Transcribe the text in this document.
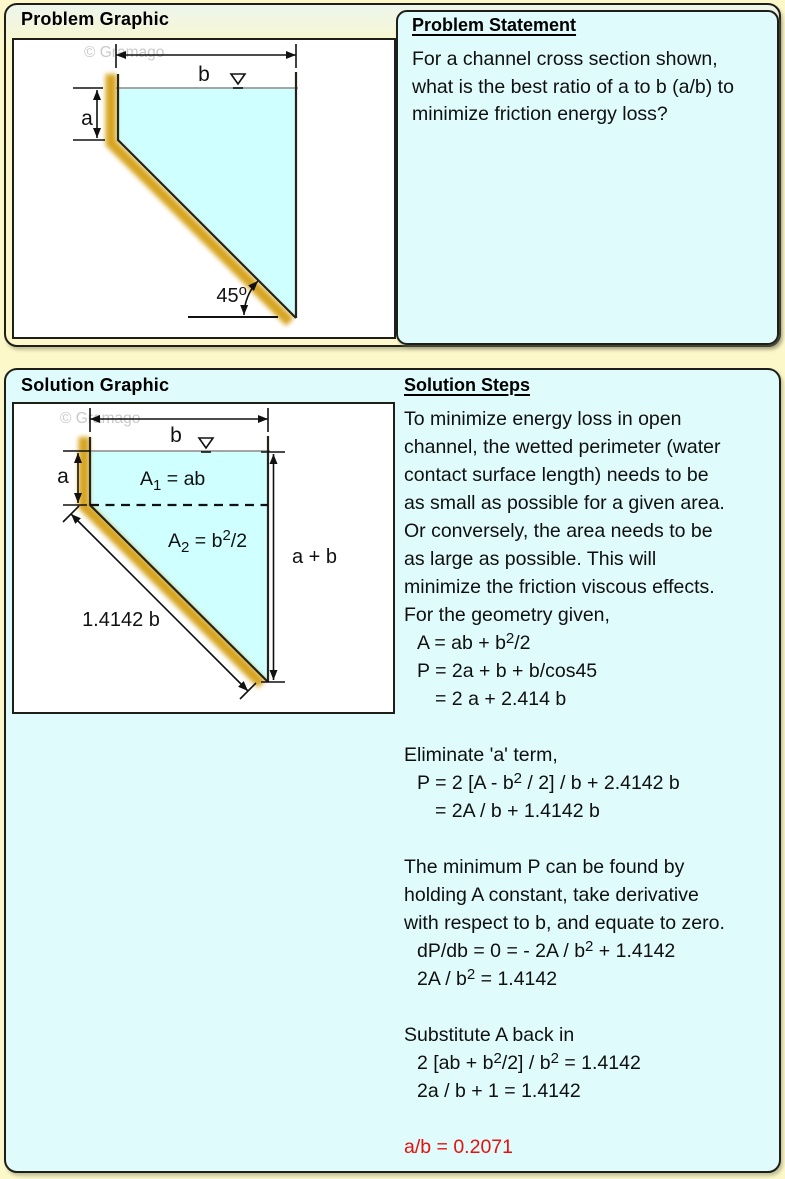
Problem Graphic
© Gramago
b
a
45$^o$
Problem Statement
For a channel cross section shown,
what is the best ratio of a to b (a/b) to
minimize friction energy loss?
Solution Graphic
© Gramago
b
a	$A_1$ = ab
$A_2 = b^2/2$
a + b
1.4142 b
Solution Steps
To minimize energy loss in open
channel, the wetted perimeter (water
contact surface length) needs to be
as small as possible for a given area.
Or conversely, the area needs to be
as large as possible. This will
minimize the friction viscous effects.
For the geometry given,
A = ab + $b^2/2$
P = 2a + b + b/cos45
= 2 a + 2.414 b
Eliminate 'a' term,
P = 2 $[A - b^2 / 2] / b + 2.4142$ b
= 2A / b + 1.4142 b
The minimum P can be found by
holding A constant, take derivative
with respect to b, and equate to zero.
dP/db = 0 = - $2A / b^2 + 1.4142$
$2A / b^2 = 1.4142$
Substitute A back in
2 $[ab + b^2/2] / b^2 = 1.4142$
2a / b + 1 = 1.4142
a/b = 0.2071
